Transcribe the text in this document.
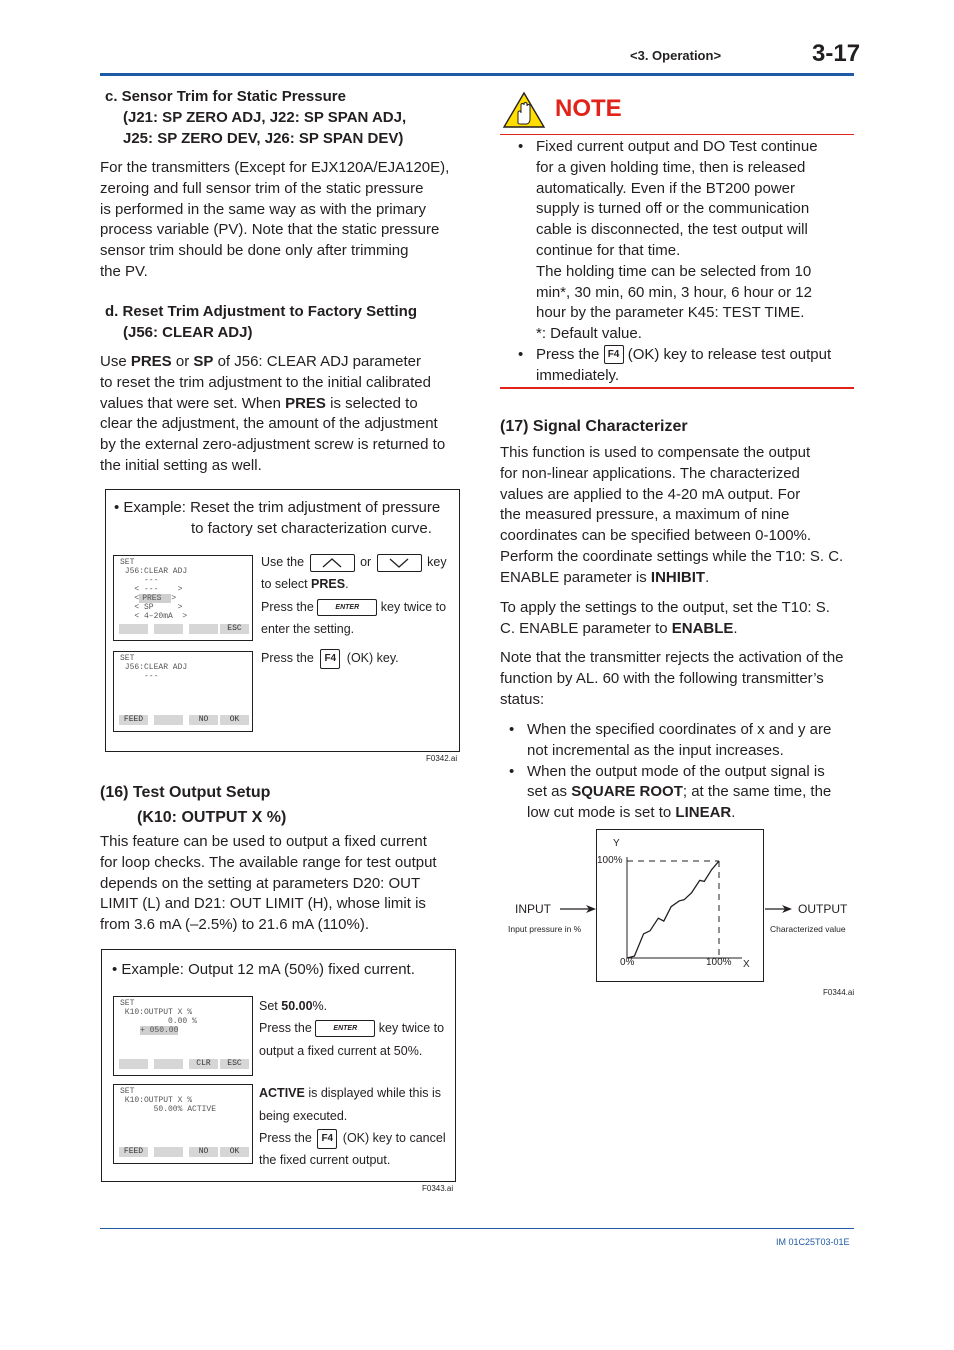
<3. Operation>	3-17
IM 01C25T03-01E
c. Sensor Trim for Static Pressure
(J21: SP ZERO ADJ, J22: SP SPAN ADJ,
J25: SP ZERO DEV, J26: SP SPAN DEV)

For the transmitters (Except for EJX120A/EJA120E),

zeroing and full sensor trim of the static pressure

is performed in the same way as with the primary

process variable (PV). Note that the static pressure

sensor trim should be done only after trimming

the PV.

d. Reset Trim Adjustment to Factory Setting
(J56: CLEAR ADJ)

Use PRES or SP of J56: CLEAR ADJ parameter

to reset the trim adjustment to the initial calibrated

values that were set. When PRES is selected to

clear the adjustment, the amount of the adjustment

by the external zero-adjustment screw is returned to

the initial setting as well.

• Example: Reset the trim adjustment of pressure
to factory set characterization curve.
SET
J56:CLEAR ADJ
---
< ---    >
< PRES >
< SP     >
< 4–20mA  >
ESC
SET
J56:CLEAR ADJ
---
FEED	NO	OK
Use the	or	key
to select PRES.
Press the	ENTER key twice to
enter the setting.
Press the F4 (OK) key.
F0342.ai
(16) Test Output Setup
(K10: OUTPUT X %)

This feature can be used to output a fixed current

for loop checks. The available range for test output

depends on the setting at parameters D20: OUT

LIMIT (L) and D21: OUT LIMIT (H), whose limit is

from 3.6 mA (–2.5%) to 21.6 mA (110%).

• Example: Output 12 mA (50%) fixed current.
SET
K10:OUTPUT X %
0.00 %
+ 050.00
CLR	ESC
SET
K10:OUTPUT X %
50.00% ACTIVE
FEED	NO	OK
Set 50.00%.
Press the	ENTER key twice to
output a fixed current at 50%.
ACTIVE is displayed while this is
being executed.
Press the F4 (OK) key to cancel
the fixed current output.
F0343.ai
NOTE
• Fixed current output and DO Test continue
for a given holding time, then is released
automatically. Even if the BT200 power
supply is turned off or the communication
cable is disconnected, the test output will
continue for that time.
The holding time can be selected from 10
min*, 30 min, 60 min, 3 hour, 6 hour or 12
hour by the parameter K45: TEST TIME.
*: Default value.
• Press the F4 (OK) key to release test output
immediately.
(17) Signal Characterizer

This function is used to compensate the output

for non-linear applications. The characterized

values are applied to the 4-20 mA output. For

the measured pressure, a maximum of nine

coordinates can be specified between 0-100%.

Perform the coordinate settings while the T10: S. C.

ENABLE parameter is INHIBIT.

To apply the settings to the output, set the T10: S.

C. ENABLE parameter to ENABLE.

Note that the transmitter rejects the activation of the

function by AL. 60 with the following transmitter’s

status:

• When the specified coordinates of x and y are
not incremental as the input increases.
• When the output mode of the output signal is
set as SQUARE ROOT; at the same time, the
low cut mode is set to LINEAR.
Y
X
100%
0%	100%
INPUT
Input pressure in %
OUTPUT
Characterized value
F0344.ai
